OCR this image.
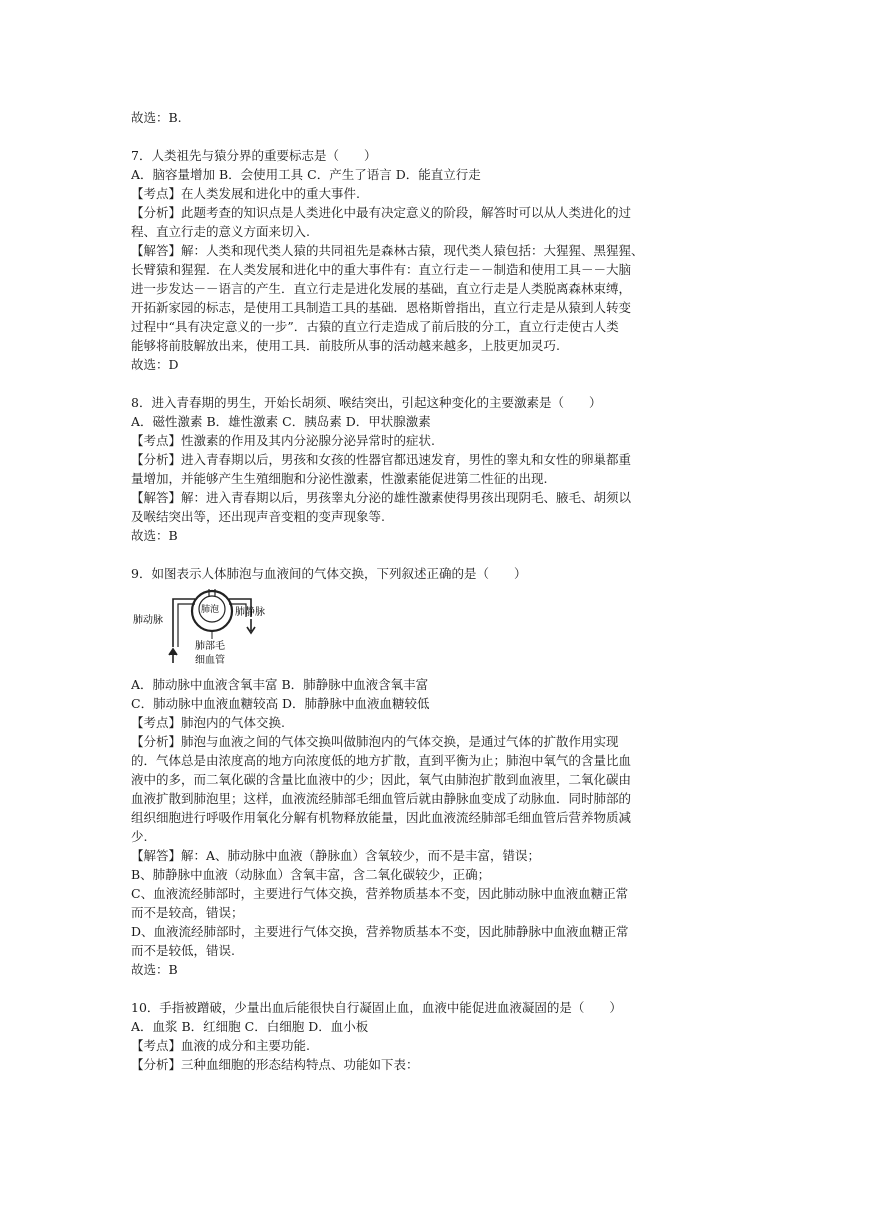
故选：B.
7．人类祖先与猿分界的重要标志是（　　）
A．脑容量增加 B．会使用工具 C．产生了语言 D．能直立行走
【考点】在人类发展和进化中的重大事件.
【分析】此题考查的知识点是人类进化中最有决定意义的阶段，解答时可以从人类进化的过
程、直立行走的意义方面来切入.
【解答】解：人类和现代类人猿的共同祖先是森林古猿，现代类人猿包括：大猩猩、黑猩猩、
长臂猿和猩猩．在人类发展和进化中的重大事件有：直立行走－－制造和使用工具－－大脑
进一步发达－－语言的产生．直立行走是进化发展的基础，直立行走是人类脱离森林束缚，
开拓新家园的标志，是使用工具制造工具的基础．恩格斯曾指出，直立行走是从猿到人转变
过程中“具有决定意义的一步”．古猿的直立行走造成了前后肢的分工，直立行走使古人类
能够将前肢解放出来，使用工具．前肢所从事的活动越来越多，上肢更加灵巧.
故选：D
8．进入青春期的男生，开始长胡须、喉结突出，引起这种变化的主要激素是（　　）
A．磁性激素 B．雄性激素 C．胰岛素 D．甲状腺激素
【考点】性激素的作用及其内分泌腺分泌异常时的症状.
【分析】进入青春期以后，男孩和女孩的性器官都迅速发育，男性的睾丸和女性的卵巢都重
量增加，并能够产生生殖细胞和分泌性激素，性激素能促进第二性征的出现.
【解答】解：进入青春期以后，男孩睾丸分泌的雄性激素使得男孩出现阴毛、腋毛、胡须以
及喉结突出等，还出现声音变粗的变声现象等.
故选：B
9．如图表示人体肺泡与血液间的气体交换，下列叙述正确的是（　　）
肺动脉
肺泡 肺静脉
肺部毛
细血管
A．肺动脉中血液含氧丰富 B．肺静脉中血液含氧丰富
C．肺动脉中血液血糖较高 D．肺静脉中血液血糖较低
【考点】肺泡内的气体交换.
【分析】肺泡与血液之间的气体交换叫做肺泡内的气体交换，是通过气体的扩散作用实现
的．气体总是由浓度高的地方向浓度低的地方扩散，直到平衡为止；肺泡中氧气的含量比血
液中的多，而二氧化碳的含量比血液中的少；因此，氧气由肺泡扩散到血液里，二氧化碳由
血液扩散到肺泡里；这样，血液流经肺部毛细血管后就由静脉血变成了动脉血．同时肺部的
组织细胞进行呼吸作用氧化分解有机物释放能量，因此血液流经肺部毛细血管后营养物质减
少.
【解答】解：A、肺动脉中血液（静脉血）含氧较少，而不是丰富，错误；
B、肺静脉中血液（动脉血）含氧丰富，含二氧化碳较少，正确；
C、血液流经肺部时，主要进行气体交换，营养物质基本不变，因此肺动脉中血液血糖正常
而不是较高，错误；
D、血液流经肺部时，主要进行气体交换，营养物质基本不变，因此肺静脉中血液血糖正常
而不是较低，错误.
故选：B
10．手指被蹭破，少量出血后能很快自行凝固止血，血液中能促进血液凝固的是（　　）
A．血浆 B．红细胞 C．白细胞 D．血小板
【考点】血液的成分和主要功能.
【分析】三种血细胞的形态结构特点、功能如下表：
